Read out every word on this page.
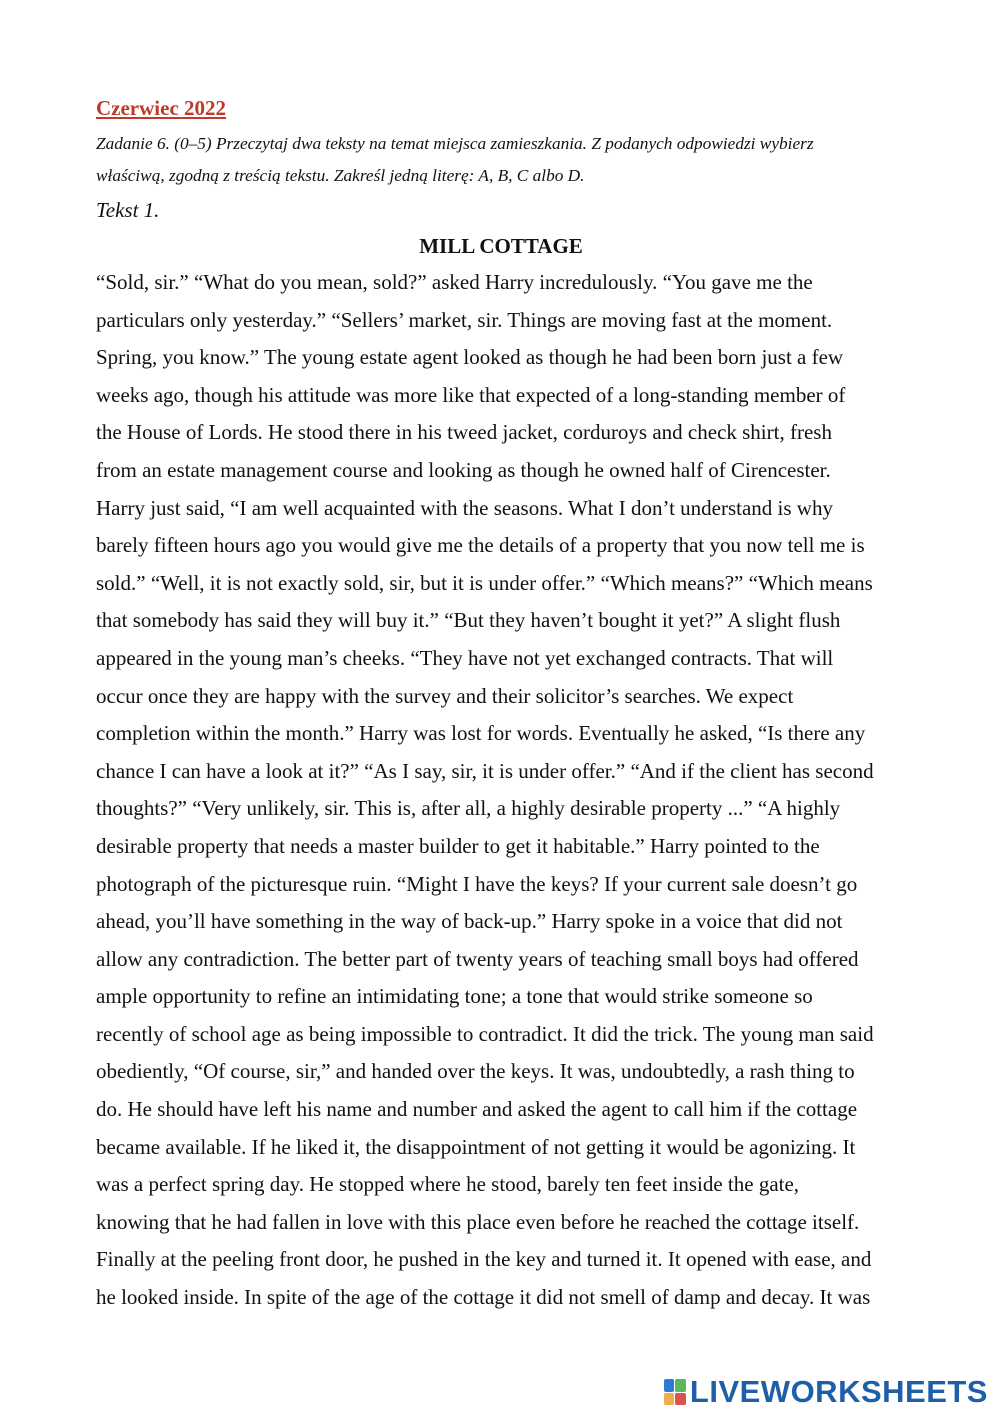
Czerwiec 2022

Zadanie 6. (0–5) Przeczytaj dwa teksty na temat miejsca zamieszkania. Z podanych odpowiedzi wybierz
właściwą, zgodną z treścią tekstu. Zakreśl jedną literę: A, B, C albo D.

Tekst 1.

MILL COTTAGE

“Sold, sir.” “What do you mean, sold?” asked Harry incredulously. “You gave me the
particulars only yesterday.” “Sellers’ market, sir. Things are moving fast at the moment.
Spring, you know.” The young estate agent looked as though he had been born just a few
weeks ago, though his attitude was more like that expected of a long-standing member of
the House of Lords. He stood there in his tweed jacket, corduroys and check shirt, fresh
from an estate management course and looking as though he owned half of Cirencester.
Harry just said, “I am well acquainted with the seasons. What I don’t understand is why
barely fifteen hours ago you would give me the details of a property that you now tell me is
sold.” “Well, it is not exactly sold, sir, but it is under offer.” “Which means?” “Which means
that somebody has said they will buy it.” “But they haven’t bought it yet?” A slight flush
appeared in the young man’s cheeks. “They have not yet exchanged contracts. That will
occur once they are happy with the survey and their solicitor’s searches. We expect
completion within the month.” Harry was lost for words. Eventually he asked, “Is there any
chance I can have a look at it?” “As I say, sir, it is under offer.” “And if the client has second
thoughts?” “Very unlikely, sir. This is, after all, a highly desirable property ...” “A highly
desirable property that needs a master builder to get it habitable.” Harry pointed to the
photograph of the picturesque ruin. “Might I have the keys? If your current sale doesn’t go
ahead, you’ll have something in the way of back-up.” Harry spoke in a voice that did not
allow any contradiction. The better part of twenty years of teaching small boys had offered
ample opportunity to refine an intimidating tone; a tone that would strike someone so
recently of school age as being impossible to contradict. It did the trick. The young man said
obediently, “Of course, sir,” and handed over the keys. It was, undoubtedly, a rash thing to
do. He should have left his name and number and asked the agent to call him if the cottage
became available. If he liked it, the disappointment of not getting it would be agonizing. It
was a perfect spring day. He stopped where he stood, barely ten feet inside the gate,
knowing that he had fallen in love with this place even before he reached the cottage itself.
Finally at the peeling front door, he pushed in the key and turned it. It opened with ease, and
he looked inside. In spite of the age of the cottage it did not smell of damp and decay. It was
LIVEWORKSHEETS
